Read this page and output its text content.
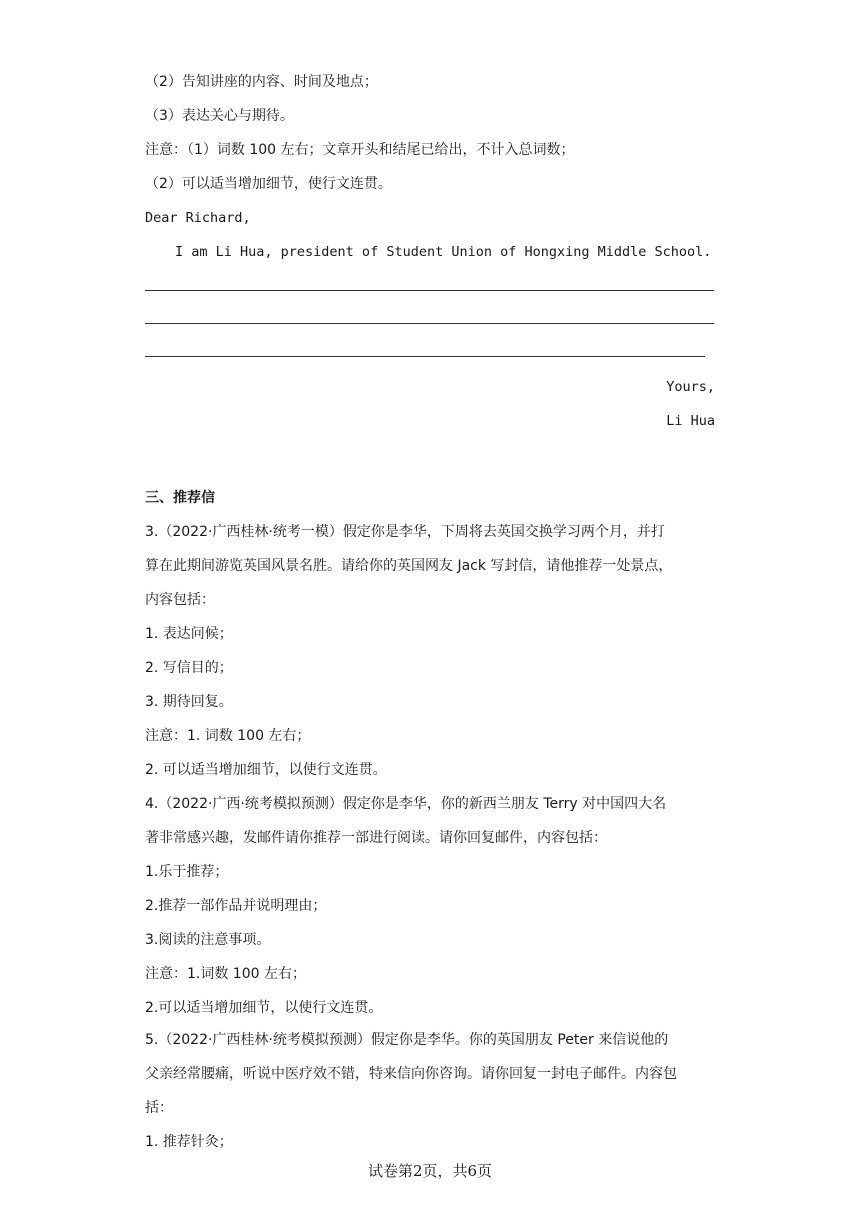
（2）告知讲座的内容、时间及地点；
（3）表达关心与期待。
注意：（1）词数 100 左右；文章开头和结尾已给出，不计入总词数；
（2）可以适当增加细节，使行文连贯。
Dear Richard,
I am Li Hua, president of Student Union of Hongxing Middle School.
Yours,
Li Hua
三、推荐信
3.（2022·广西桂林·统考一模）假定你是李华，下周将去英国交换学习两个月，并打
算在此期间游览英国风景名胜。请给你的英国网友 Jack 写封信，请他推荐一处景点，
内容包括：
1. 表达问候；
2. 写信目的；
3. 期待回复。
注意：1. 词数 100 左右；
2. 可以适当增加细节，以使行文连贯。
4.（2022·广西·统考模拟预测）假定你是李华，你的新西兰朋友 Terry 对中国四大名
著非常感兴趣，发邮件请你推荐一部进行阅读。请你回复邮件，内容包括：
1.乐于推荐；
2.推荐一部作品并说明理由；
3.阅读的注意事项。
注意：1.词数 100 左右；
2.可以适当增加细节，以使行文连贯。
5.（2022·广西桂林·统考模拟预测）假定你是李华。你的英国朋友 Peter 来信说他的
父亲经常腰痛，听说中医疗效不错，特来信向你咨询。请你回复一封电子邮件。内容包
括：
1. 推荐针灸；
试卷第2页，共6页
